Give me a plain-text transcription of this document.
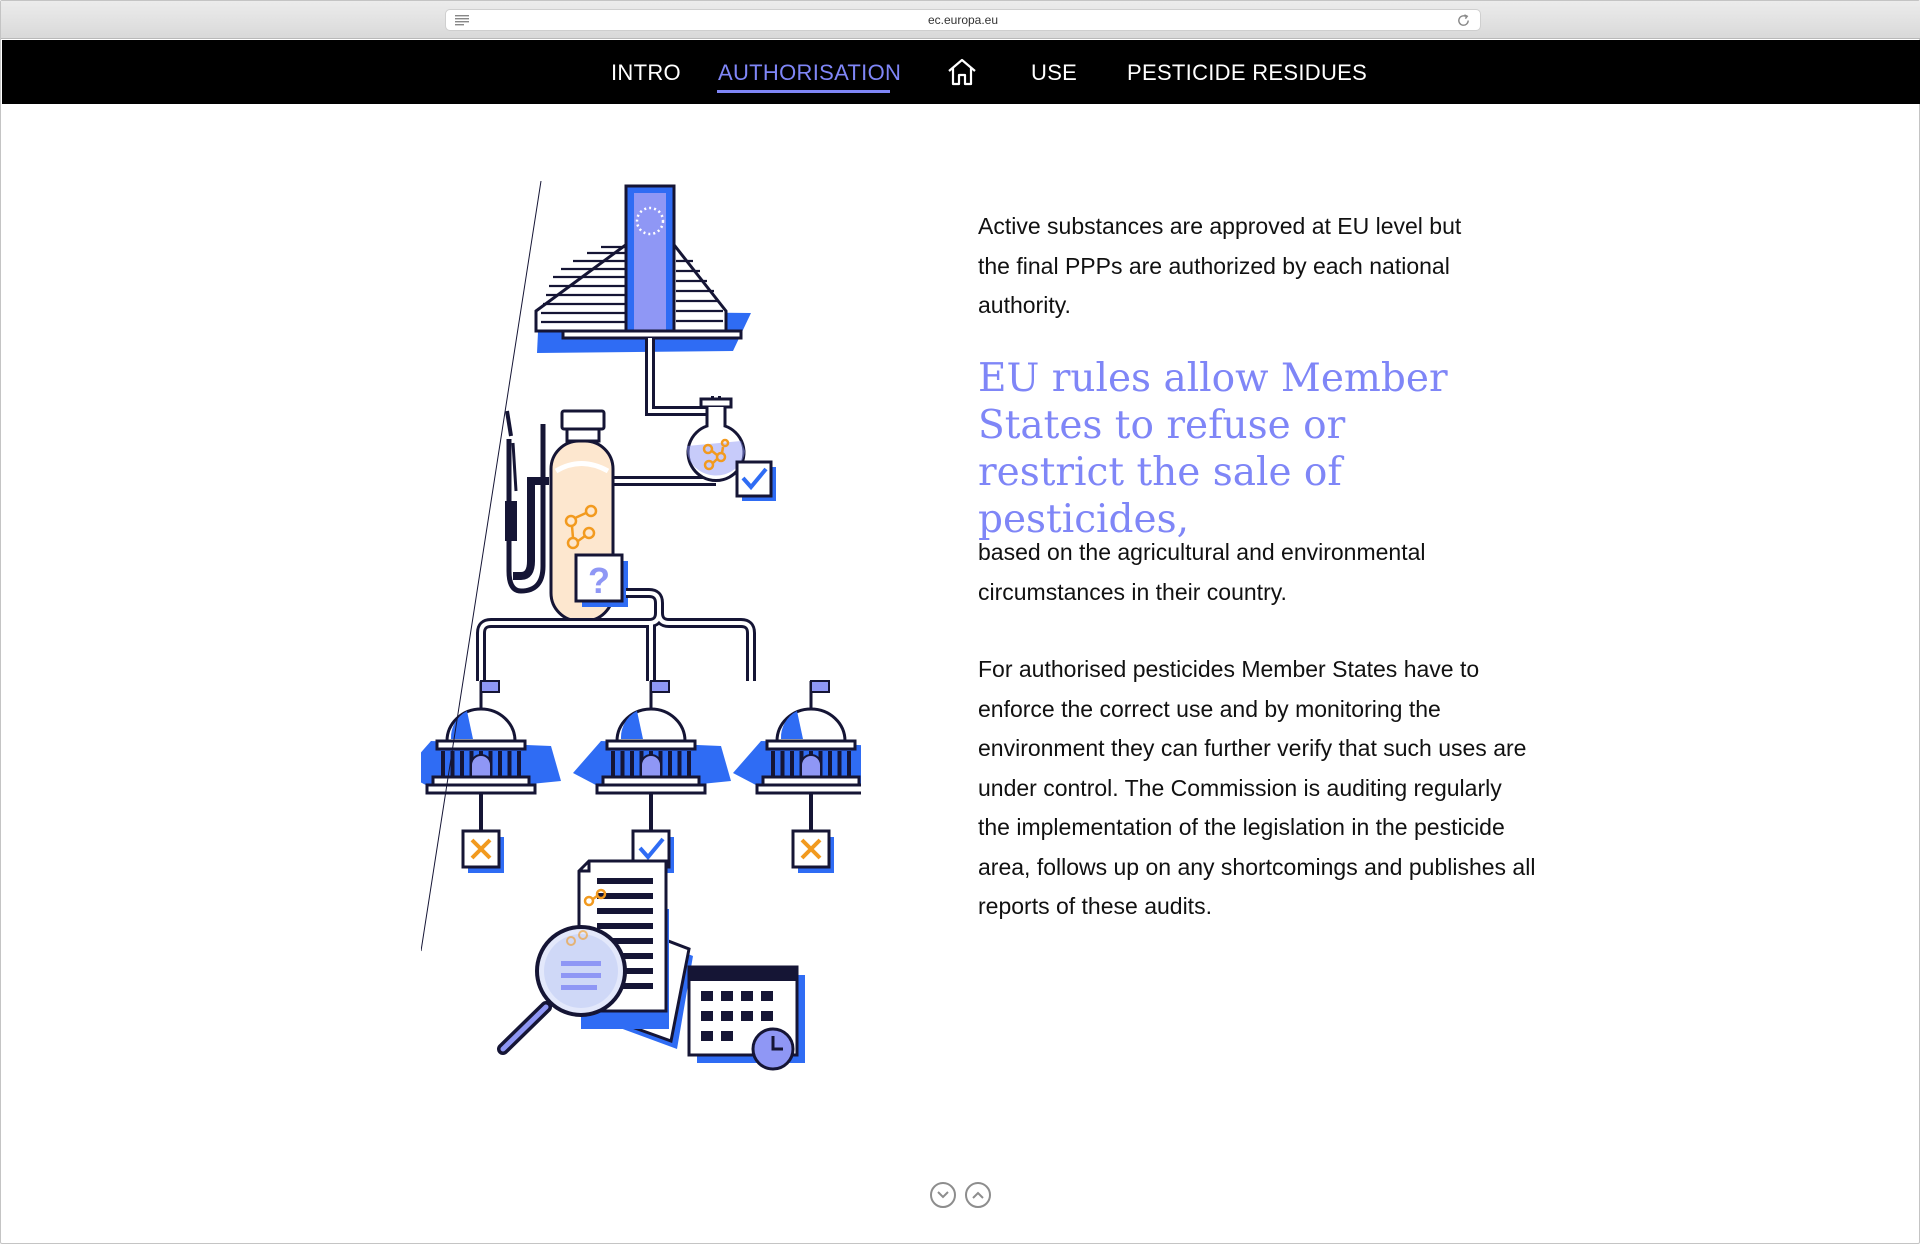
ec.europa.eu
INTRO AUTHORISATION	USE PESTICIDE RESIDUES
?

Active substances are approved at EU level but the final PPPs are authorized by each national authority.

EU rules allow Member States to refuse or restrict the sale of pesticides,

based on the agricultural and environmental circumstances in their country.

For authorised pesticides Member States have to enforce the correct use and by monitoring the environment they can further verify that such uses are under control. The Commission is auditing regularly the implementation of the legislation in the pesticide area, follows up on any shortcomings and publishes all reports of these audits.
